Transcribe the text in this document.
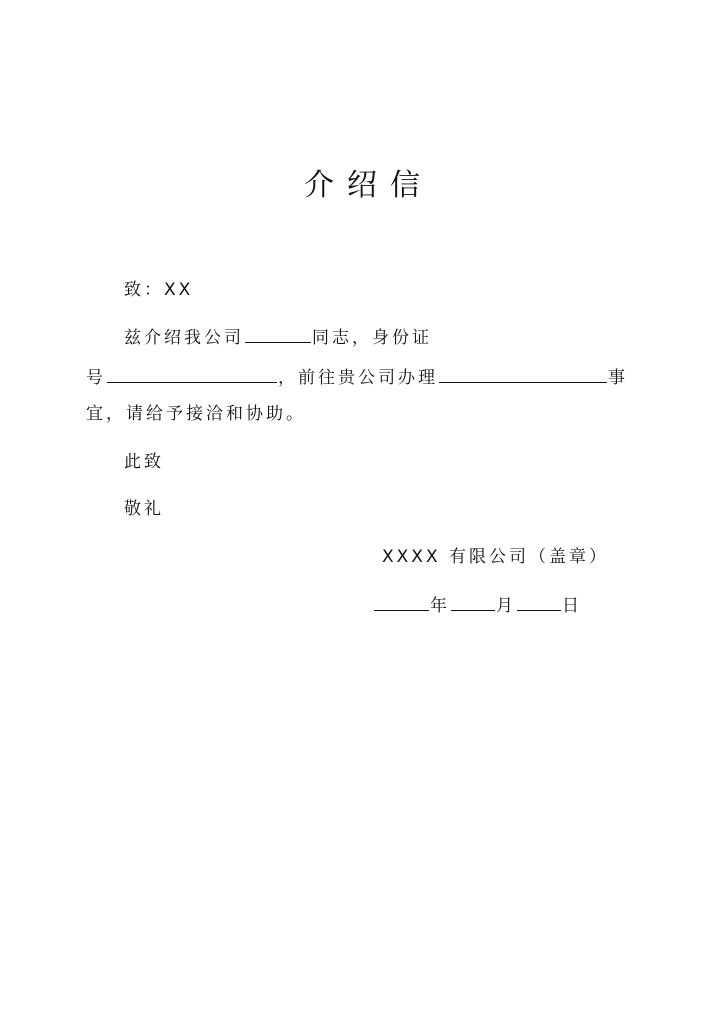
介绍信
致：XX
兹介绍我公司	同志，身份证
号	，前往贵公司办理	事
宜，请给予接洽和协助。
此致
敬礼
XXXX 有限公司（盖章）
年	月	日
